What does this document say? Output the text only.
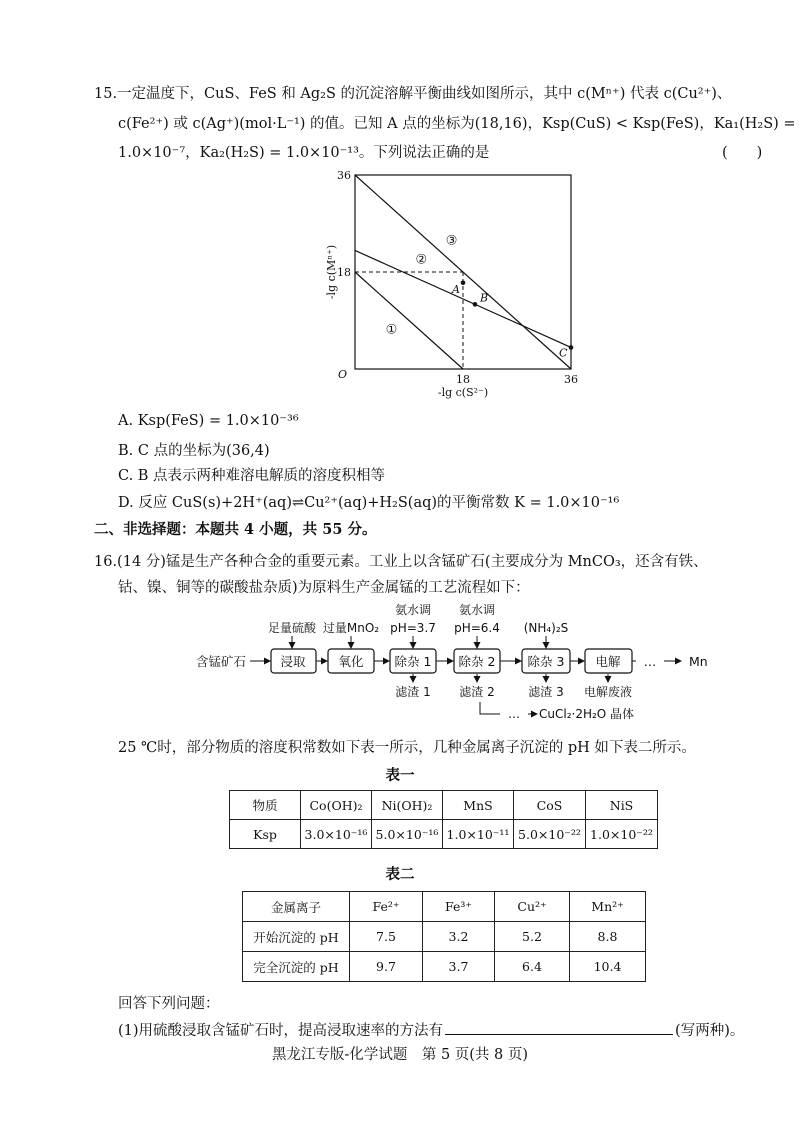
15.一定温度下，CuS、FeS 和 Ag₂S 的沉淀溶解平衡曲线如图所示，其中 c(Mⁿ⁺) 代表 c(Cu²⁺)、
c(Fe²⁺) 或 c(Ag⁺)(mol·L⁻¹) 的值。已知 A 点的坐标为(18,16)，Ksp(CuS) < Ksp(FeS)，Ka₁(H₂S) =
1.0×10⁻⁷，Ka₂(H₂S) = 1.0×10⁻¹³。下列说法正确的是	(　　)
①
②
③
A
B
C
18
36
18	36
O
-lg c(S²⁻)
-lg c(Mⁿ⁺)
A. Ksp(FeS) = 1.0×10⁻³⁶
B. C 点的坐标为(36,4)
C. B 点表示两种难溶电解质的溶度积相等
D. 反应 CuS(s)+2H⁺(aq)⇌Cu²⁺(aq)+H₂S(aq)的平衡常数 K = 1.0×10⁻¹⁶
二、非选择题：本题共 4 小题，共 55 分。
16.(14 分)锰是生产各种合金的重要元素。工业上以含锰矿石(主要成分为 MnCO₃，还含有铁、
钴、镍、铜等的碳酸盐杂质)为原料生产金属锰的工艺流程如下：
含锰矿石	浸取	氧化 除杂 1 除杂 2	除杂 3 电解 …	Mn
足量硫酸 过量MnO₂
氨水调
pH=3.7
氨水调
pH=6.4 (NH₄)₂S
滤渣 1 滤渣 2	滤渣 3 电解废液
… CuCl₂·2H₂O 晶体
25 ℃时，部分物质的溶度积常数如下表一所示，几种金属离子沉淀的 pH 如下表二所示。
表一
物质	Co(OH)₂	Ni(OH)₂	MnS	CoS	NiS
Ksp	3.0×10⁻¹⁶	5.0×10⁻¹⁶	1.0×10⁻¹¹	5.0×10⁻²²	1.0×10⁻²²
表二
金属离子	Fe²⁺	Fe³⁺	Cu²⁺	Mn²⁺
开始沉淀的 pH	7.5	3.2	5.2	8.8
完全沉淀的 pH	9.7	3.7	6.4	10.4
回答下列问题：
(1)用硫酸浸取含锰矿石时，提高浸取速率的方法有	(写两种)。
黑龙江专版-化学试题　第 5 页(共 8 页)
